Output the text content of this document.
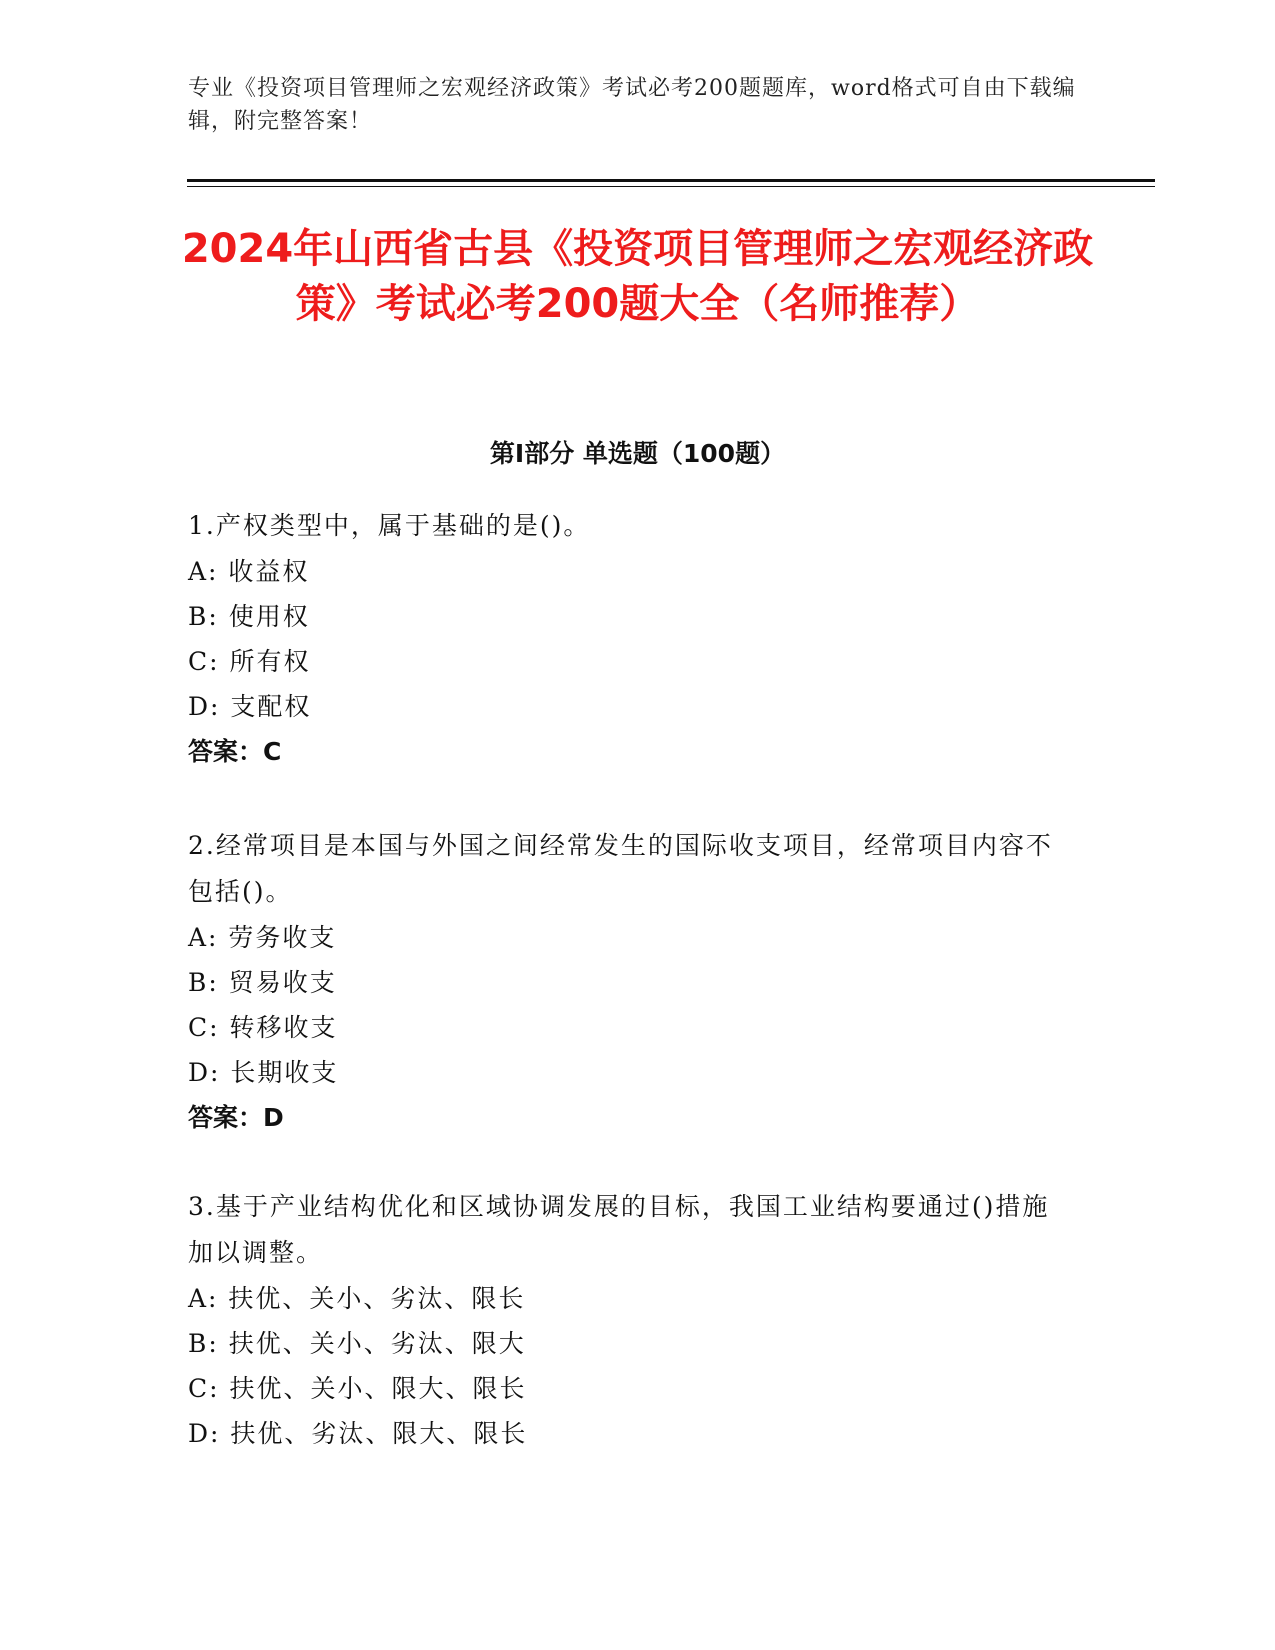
专业《投资项目管理师之宏观经济政策》考试必考200题题库，word格式可自由下载编辑，附完整答案！
2024年山西省古县《投资项目管理师之宏观经济政策》考试必考200题大全（名师推荐）
第Ⅰ部分 单选题（100题）
1.产权类型中，属于基础的是()。
A: 收益权
B: 使用权
C: 所有权
D: 支配权
答案：C
2.经常项目是本国与外国之间经常发生的国际收支项目，经常项目内容不包括()。
A: 劳务收支
B: 贸易收支
C: 转移收支
D: 长期收支
答案：D
3.基于产业结构优化和区域协调发展的目标，我国工业结构要通过()措施加以调整。
A: 扶优、关小、劣汰、限长
B: 扶优、关小、劣汰、限大
C: 扶优、关小、限大、限长
D: 扶优、劣汰、限大、限长
